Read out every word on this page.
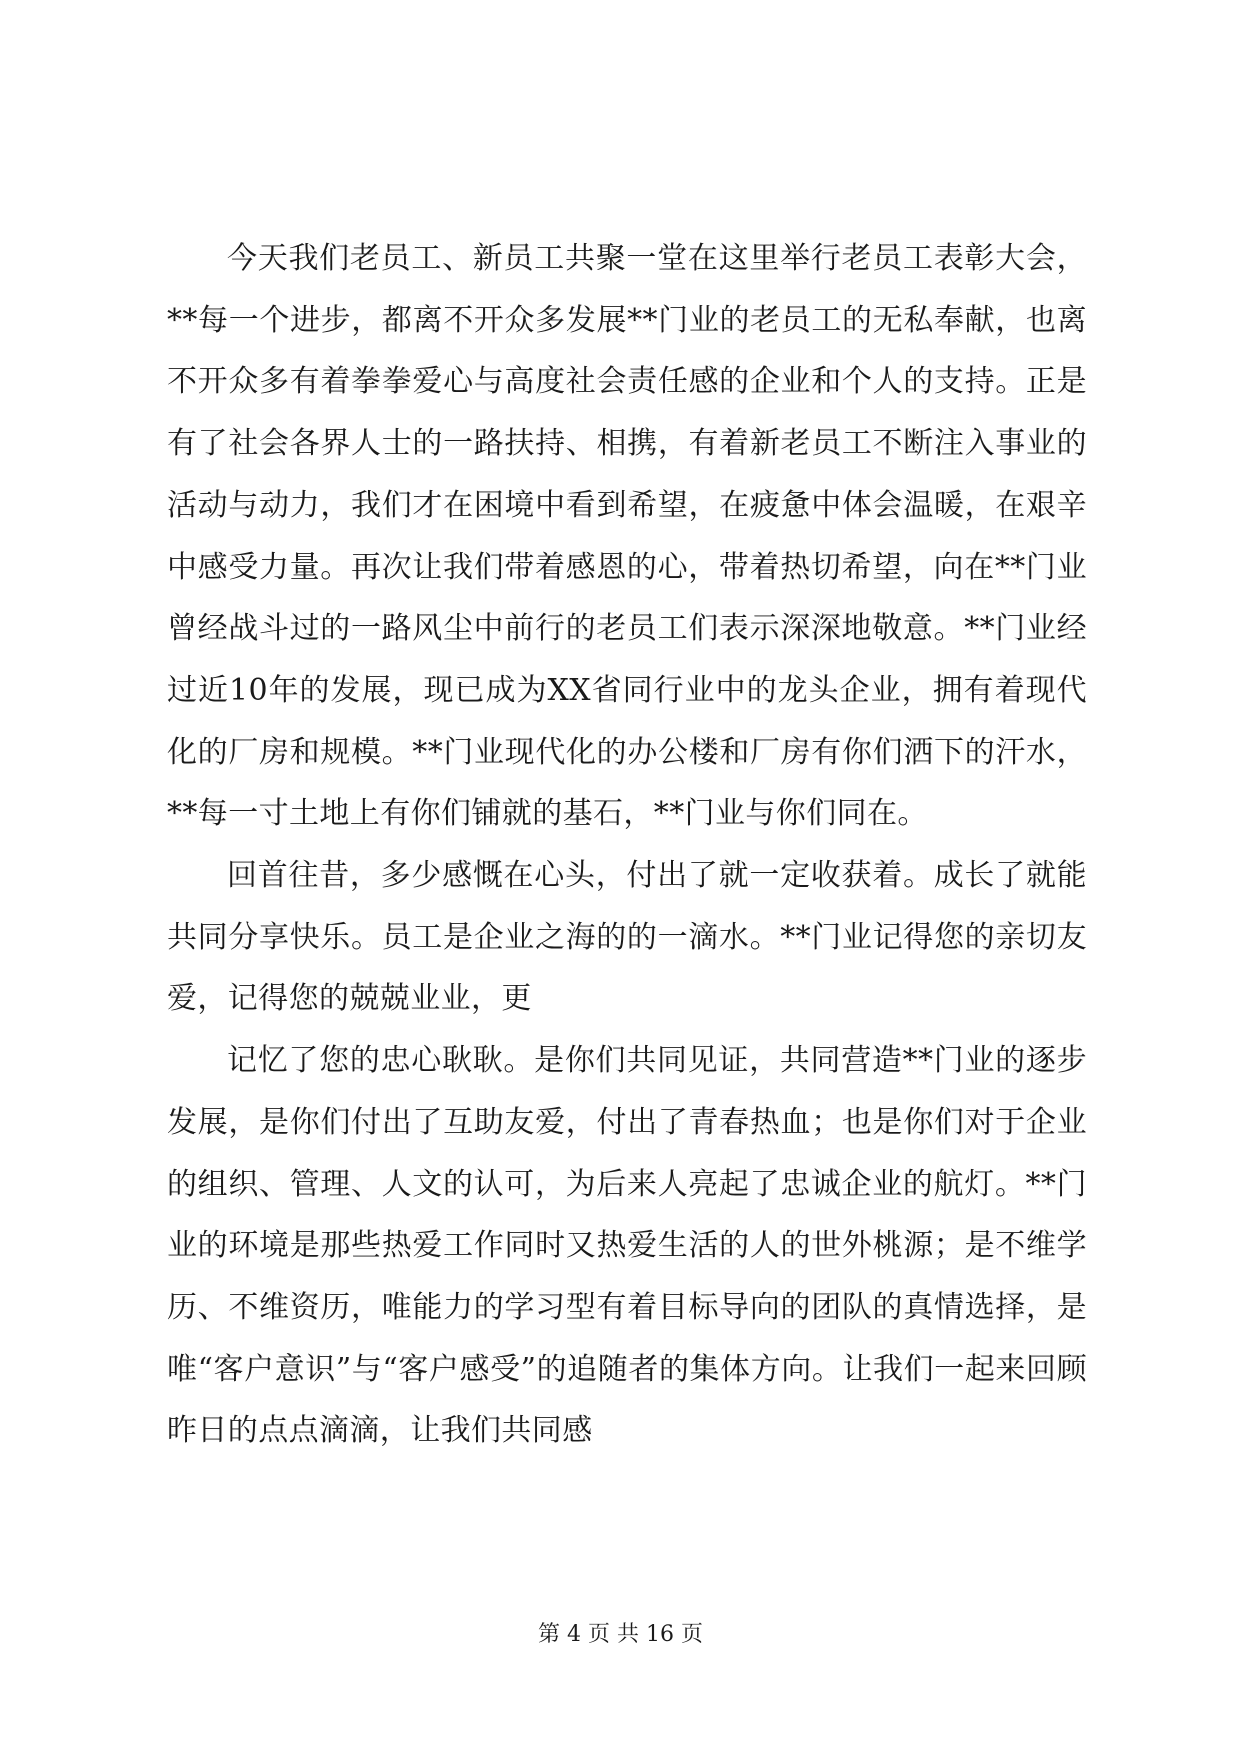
今天我们老员工、新员工共聚一堂在这里举行老员工表彰大会，**每一个进步，都离不开众多发展**门业的老员工的无私奉献，也离不开众多有着拳拳爱心与高度社会责任感的企业和个人的支持。正是有了社会各界人士的一路扶持、相携，有着新老员工不断注入事业的活动与动力，我们才在困境中看到希望，在疲惫中体会温暖，在艰辛中感受力量。再次让我们带着感恩的心，带着热切希望，向在**门业曾经战斗过的一路风尘中前行的老员工们表示深深地敬意。**门业经过近10年的发展，现已成为XX省同行业中的龙头企业，拥有着现代化的厂房和规模。**门业现代化的办公楼和厂房有你们洒下的汗水，**每一寸土地上有你们铺就的基石，**门业与你们同在。

回首往昔，多少感慨在心头，付出了就一定收获着。成长了就能共同分享快乐。员工是企业之海的的一滴水。**门业记得您的亲切友爱，记得您的兢兢业业，更

记忆了您的忠心耿耿。是你们共同见证，共同营造**门业的逐步发展，是你们付出了互助友爱，付出了青春热血；也是你们对于企业的组织、管理、人文的认可，为后来人亮起了忠诚企业的航灯。**门业的环境是那些热爱工作同时又热爱生活的人的世外桃源；是不维学历、不维资历，唯能力的学习型有着目标导向的团队的真情选择，是唯“客户意识”与“客户感受”的追随者的集体方向。让我们一起来回顾昨日的点点滴滴，让我们共同感

第 4 页 共 16 页
